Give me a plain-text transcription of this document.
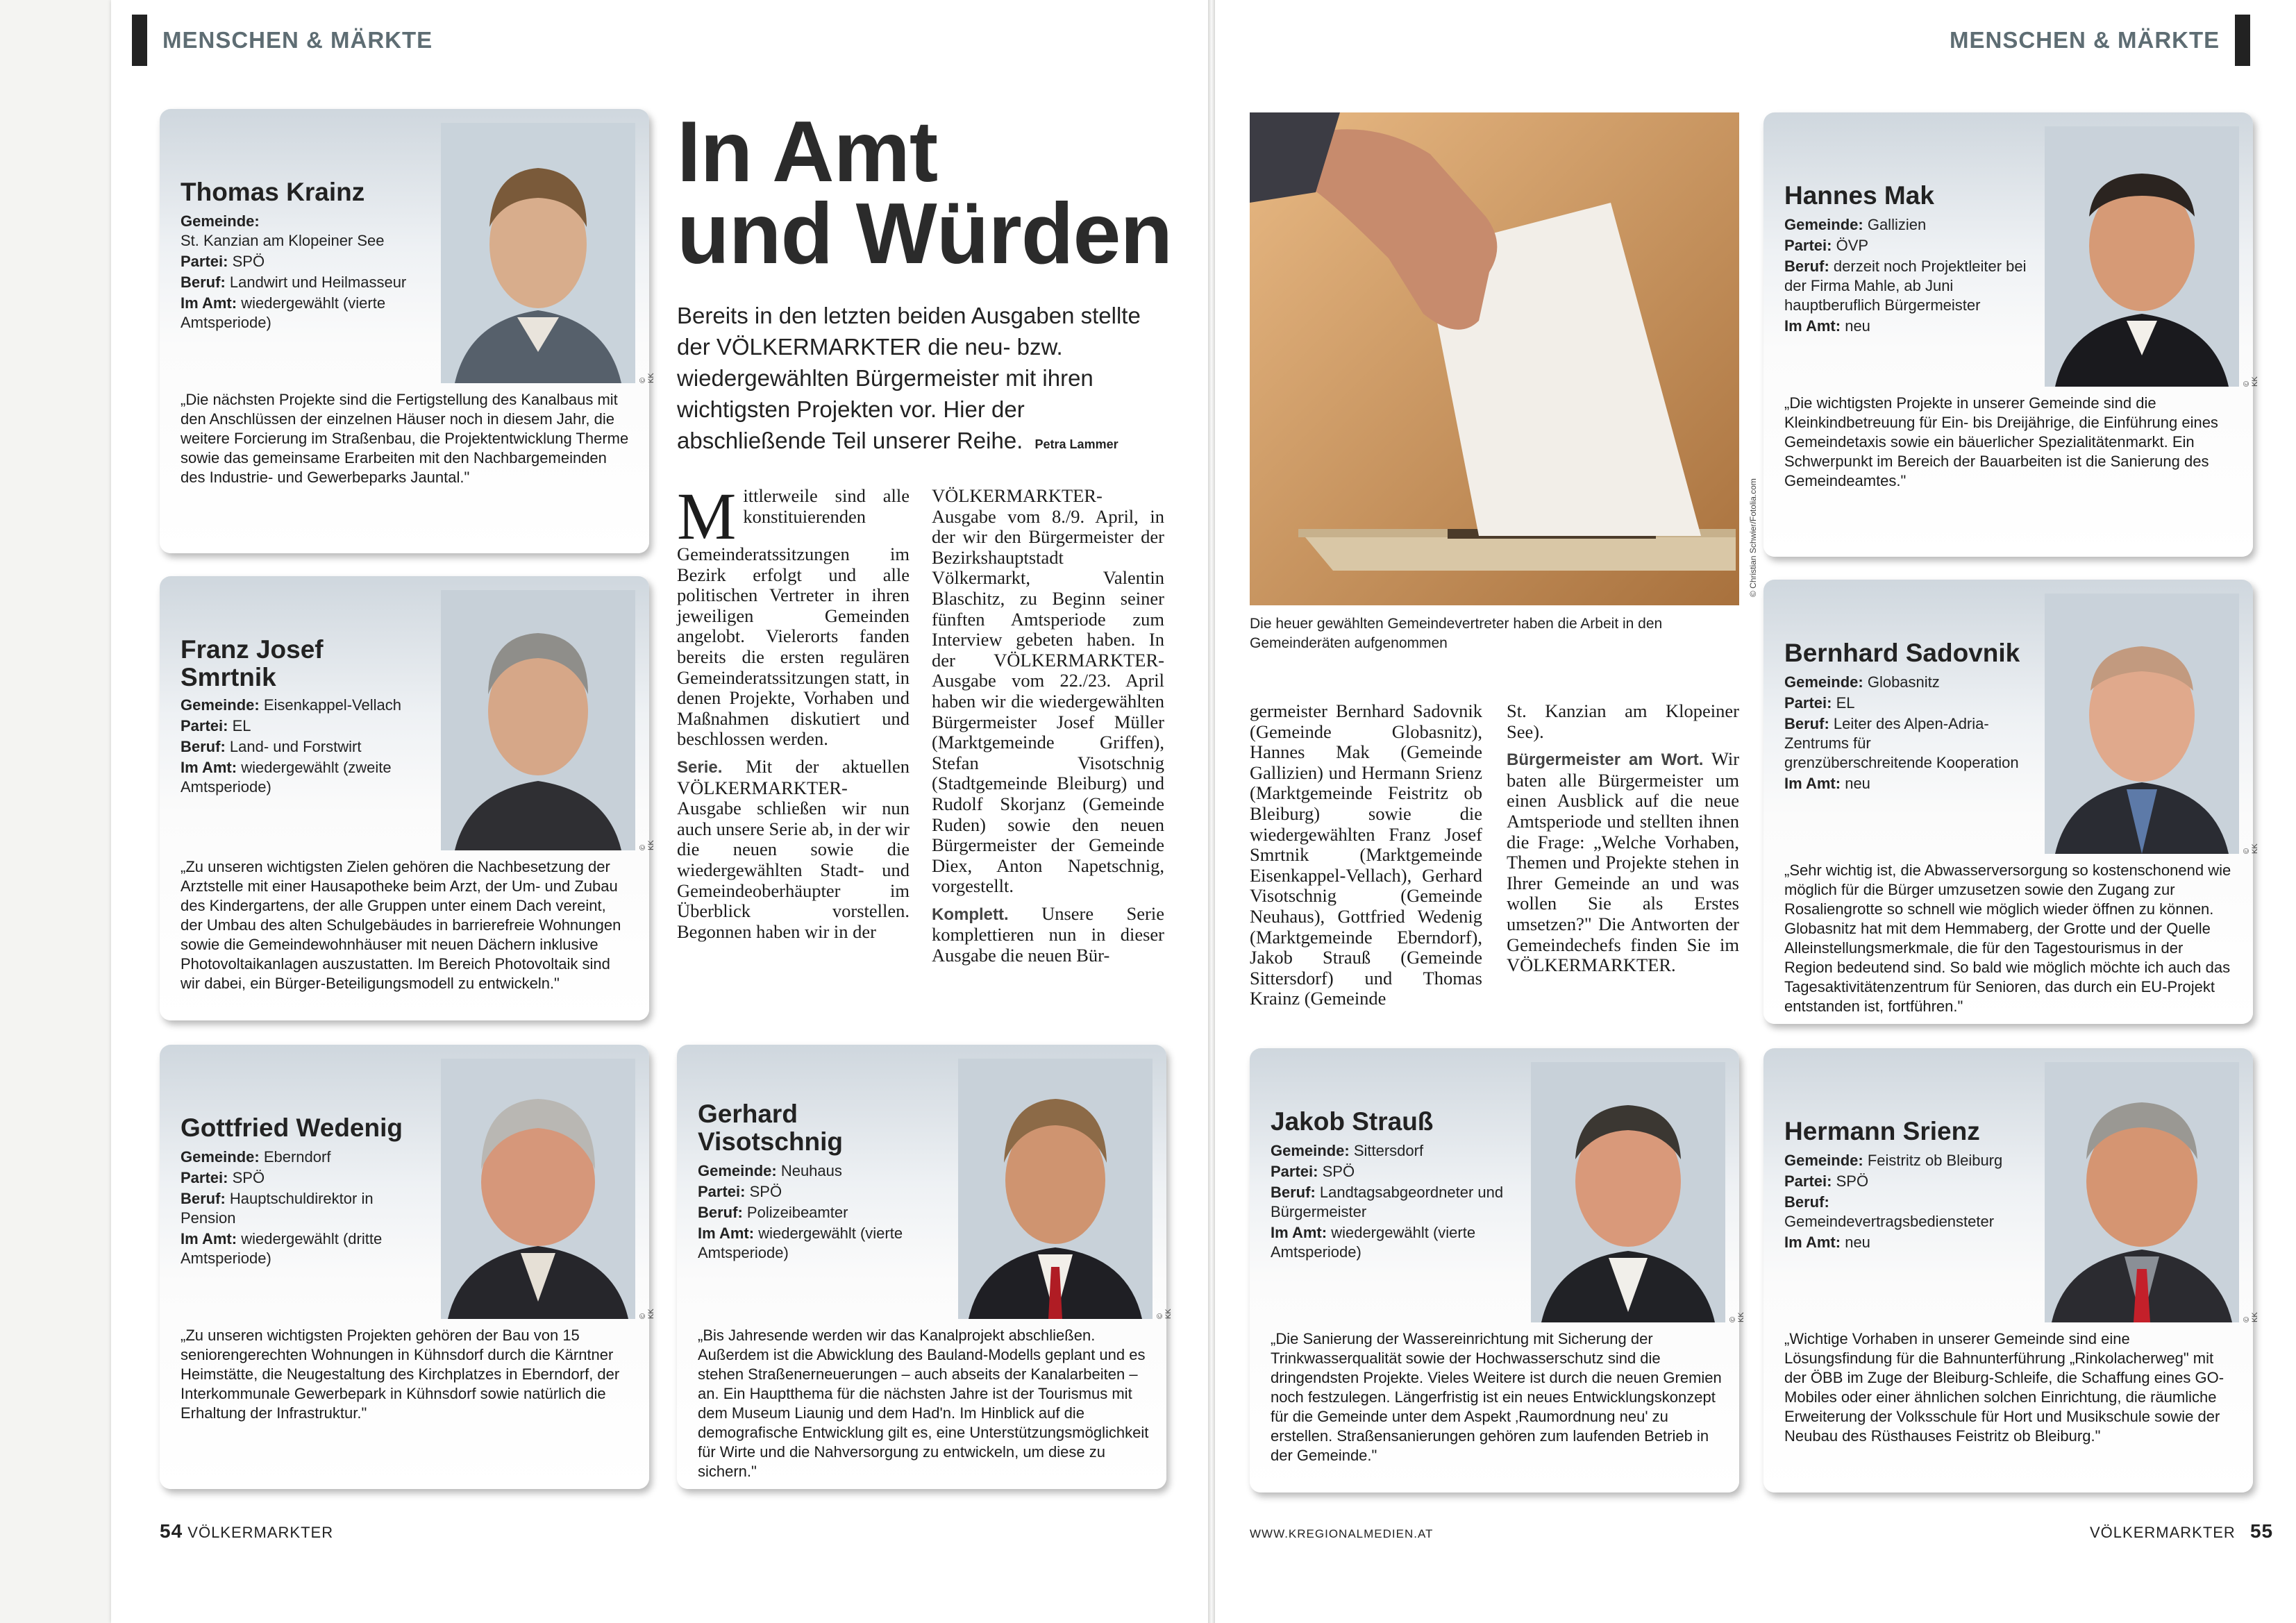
MENSCHEN & MÄRKTE	MENSCHEN & MÄRKTE
Thomas Krainz

Gemeinde:
St. Kanzian am Klopeiner See

Partei: SPÖ

Beruf: Landwirt und Heilmasseur

Im Amt: wiedergewählt (vierte Amtsperiode)

© KK
„Die nächsten Projekte sind die Fertigstellung des Kanalbaus mit den Anschlüssen der einzelnen Häuser noch in diesem Jahr, die weitere Forcierung im Straßenbau, die Projektentwicklung Therme sowie das gemeinsame Erarbeiten mit den Nachbargemeinden des Industrie- und Gewerbeparks Jauntal."
Franz Josef
Smrtnik

Gemeinde: Eisenkappel-Vellach

Partei: EL

Beruf: Land- und Forstwirt

Im Amt: wiedergewählt (zweite Amtsperiode)

© KK
„Zu unseren wichtigsten Zielen gehören die Nachbesetzung der Arztstelle mit einer Hausapotheke beim Arzt, der Um- und Zubau des Kindergartens, der alle Gruppen unter einem Dach vereint, der Umbau des alten Schulgebäudes in barrierefreie Wohnungen sowie die Gemeindewohnhäuser mit neuen Dächern inklusive Photovoltaikanlagen auszustatten. Im Bereich Photovoltaik sind wir dabei, ein Bürger-Beteiligungsmodell zu entwickeln."
Gottfried Wedenig

Gemeinde: Eberndorf

Partei: SPÖ

Beruf: Hauptschuldirektor in Pension

Im Amt: wiedergewählt (dritte Amtsperiode)

© KK
„Zu unseren wichtigsten Projekten gehören der Bau von 15 seniorengerechten Wohnungen in Kühnsdorf durch die Kärntner Heimstätte, die Neugestaltung des Kirchplatzes in Eberndorf, der Interkommunale Gewerbepark in Kühnsdorf sowie natürlich die Erhaltung der Infrastruktur."
Gerhard
Visotschnig

Gemeinde: Neuhaus

Partei: SPÖ

Beruf: Polizeibeamter

Im Amt: wiedergewählt (vierte Amtsperiode)

© KK
„Bis Jahresende werden wir das Kanalprojekt abschließen. Außerdem ist die Abwicklung des Bauland-Modells geplant und es stehen Straßenerneuerungen – auch abseits der Kanalarbeiten – an. Ein Hauptthema für die nächsten Jahre ist der Tourismus mit dem Museum Liaunig und dem Had'n. Im Hinblick auf die demografische Entwicklung gilt es, eine Unterstützungsmöglichkeit für Wirte und die Nahversorgung zu entwickeln, um diese zu sichern."
In Amt
und Würden
Bereits in den letzten beiden Ausgaben stellte der VÖLKERMARKTER die neu- bzw. wiedergewählten Bürgermeister mit ihren wichtigsten Projekten vor. Hier der abschließende Teil unserer Reihe. Petra Lammer

Mittlerweile sind alle konstituierenden Gemeinderatssitzungen im Bezirk erfolgt und alle politischen Vertreter in ihren jeweiligen Gemeinden angelobt. Vielerorts fanden bereits die ersten regulären Gemeinderatssitzungen statt, in denen Projekte, Vorhaben und Maßnahmen diskutiert und beschlossen werden.

Serie. Mit der aktuellen VÖLKERMARKTER-Ausgabe schließen wir nun auch unsere Serie ab, in der wir die neuen sowie die wiedergewählten Stadt- und Gemeindeoberhäupter im Überblick vorstellen. Begonnen haben wir in der

VÖLKERMARKTER-Ausgabe vom 8./9. April, in der wir den Bürgermeister der Bezirkshauptstadt Völkermarkt, Valentin Blaschitz, zu Beginn seiner fünften Amtsperiode zum Interview gebeten haben. In der VÖLKERMARKTER-Ausgabe vom 22./23. April haben wir die wiedergewählten Bürgermeister Josef Müller (Marktgemeinde Griffen), Stefan Visotschnig (Stadtgemeinde Bleiburg) und Rudolf Skorjanz (Gemeinde Ruden) sowie den neuen Bürgermeister der Gemeinde Diex, Anton Napetschnig, vorgestellt.

Komplett. Unsere Serie komplettieren nun in dieser Ausgabe die neuen Bür-

© Christian Schwier/Fotolia.com
Die heuer gewählten Gemeindevertreter haben die Arbeit in den Gemeinderäten aufgenommen

germeister Bernhard Sadovnik (Gemeinde Globasnitz), Hannes Mak (Gemeinde Gallizien) und Hermann Srienz (Marktgemeinde Feistritz ob Bleiburg) sowie die wiedergewählten Franz Josef Smrtnik (Marktgemeinde Eisenkappel-Vellach), Gerhard Visotschnig (Gemeinde Neuhaus), Gottfried Wedenig (Marktgemeinde Eberndorf), Jakob Strauß (Gemeinde Sittersdorf) und Thomas Krainz (Gemeinde

St. Kanzian am Klopeiner See).

Bürgermeister am Wort. Wir baten alle Bürgermeister um einen Ausblick auf die neue Amtsperiode und stellten ihnen die Frage: „Welche Vorhaben, Themen und Projekte stehen in Ihrer Gemeinde an und was wollen Sie als Erstes umsetzen?" Die Antworten der Gemeindechefs finden Sie im VÖLKERMARKTER.

Hannes Mak

Gemeinde: Gallizien

Partei: ÖVP

Beruf: derzeit noch Projektleiter bei der Firma Mahle, ab Juni hauptberuflich Bürgermeister

Im Amt: neu

© KK
„Die wichtigsten Projekte in unserer Gemeinde sind die Kleinkindbetreuung für Ein- bis Dreijährige, die Einführung eines Gemeindetaxis sowie ein bäuerlicher Spezialitätenmarkt. Ein Schwerpunkt im Bereich der Bauarbeiten ist die Sanierung des Gemeindeamtes."
Bernhard Sadovnik

Gemeinde: Globasnitz

Partei: EL

Beruf: Leiter des Alpen-Adria-Zentrums für grenzüberschreitende Kooperation

Im Amt: neu

© KK
„Sehr wichtig ist, die Abwasserversorgung so kostenschonend wie möglich für die Bürger umzusetzen sowie den Zugang zur Rosaliengrotte so schnell wie möglich wieder öffnen zu können. Globasnitz hat mit dem Hemmaberg, der Grotte und der Quelle Alleinstellungsmerkmale, die für den Tagestourismus in der Region bedeutend sind. So bald wie möglich möchte ich auch das Tagesaktivitätenzentrum für Senioren, das durch ein EU-Projekt entstanden ist, fortführen."
Jakob Strauß

Gemeinde: Sittersdorf

Partei: SPÖ

Beruf: Landtagsabgeordneter und Bürgermeister

Im Amt: wiedergewählt (vierte Amtsperiode)

© KK
„Die Sanierung der Wassereinrichtung mit Sicherung der Trinkwasserqualität sowie der Hochwasserschutz sind die dringendsten Projekte. Vieles Weitere ist durch die neuen Gremien noch festzulegen. Längerfristig ist ein neues Entwicklungskonzept für die Gemeinde unter dem Aspekt ‚Raumordnung neu' zu erstellen. Straßensanierungen gehören zum laufenden Betrieb in der Gemeinde."
Hermann Srienz

Gemeinde: Feistritz ob Bleiburg

Partei: SPÖ

Beruf:
Gemeindevertragsbediensteter

Im Amt: neu

© KK
„Wichtige Vorhaben in unserer Gemeinde sind eine Lösungsfindung für die Bahnunterführung „Rinkolacherweg" mit der ÖBB im Zuge der Bleiburg-Schleife, die Schaffung eines GO-Mobiles oder einer ähnlichen solchen Einrichtung, die räumliche Erweiterung der Volksschule für Hort und Musikschule sowie der Neubau des Rüsthauses Feistritz ob Bleiburg."
54 VÖLKERMARKTER	WWW.KREGIONALMEDIEN.AT	VÖLKERMARKTER 55
